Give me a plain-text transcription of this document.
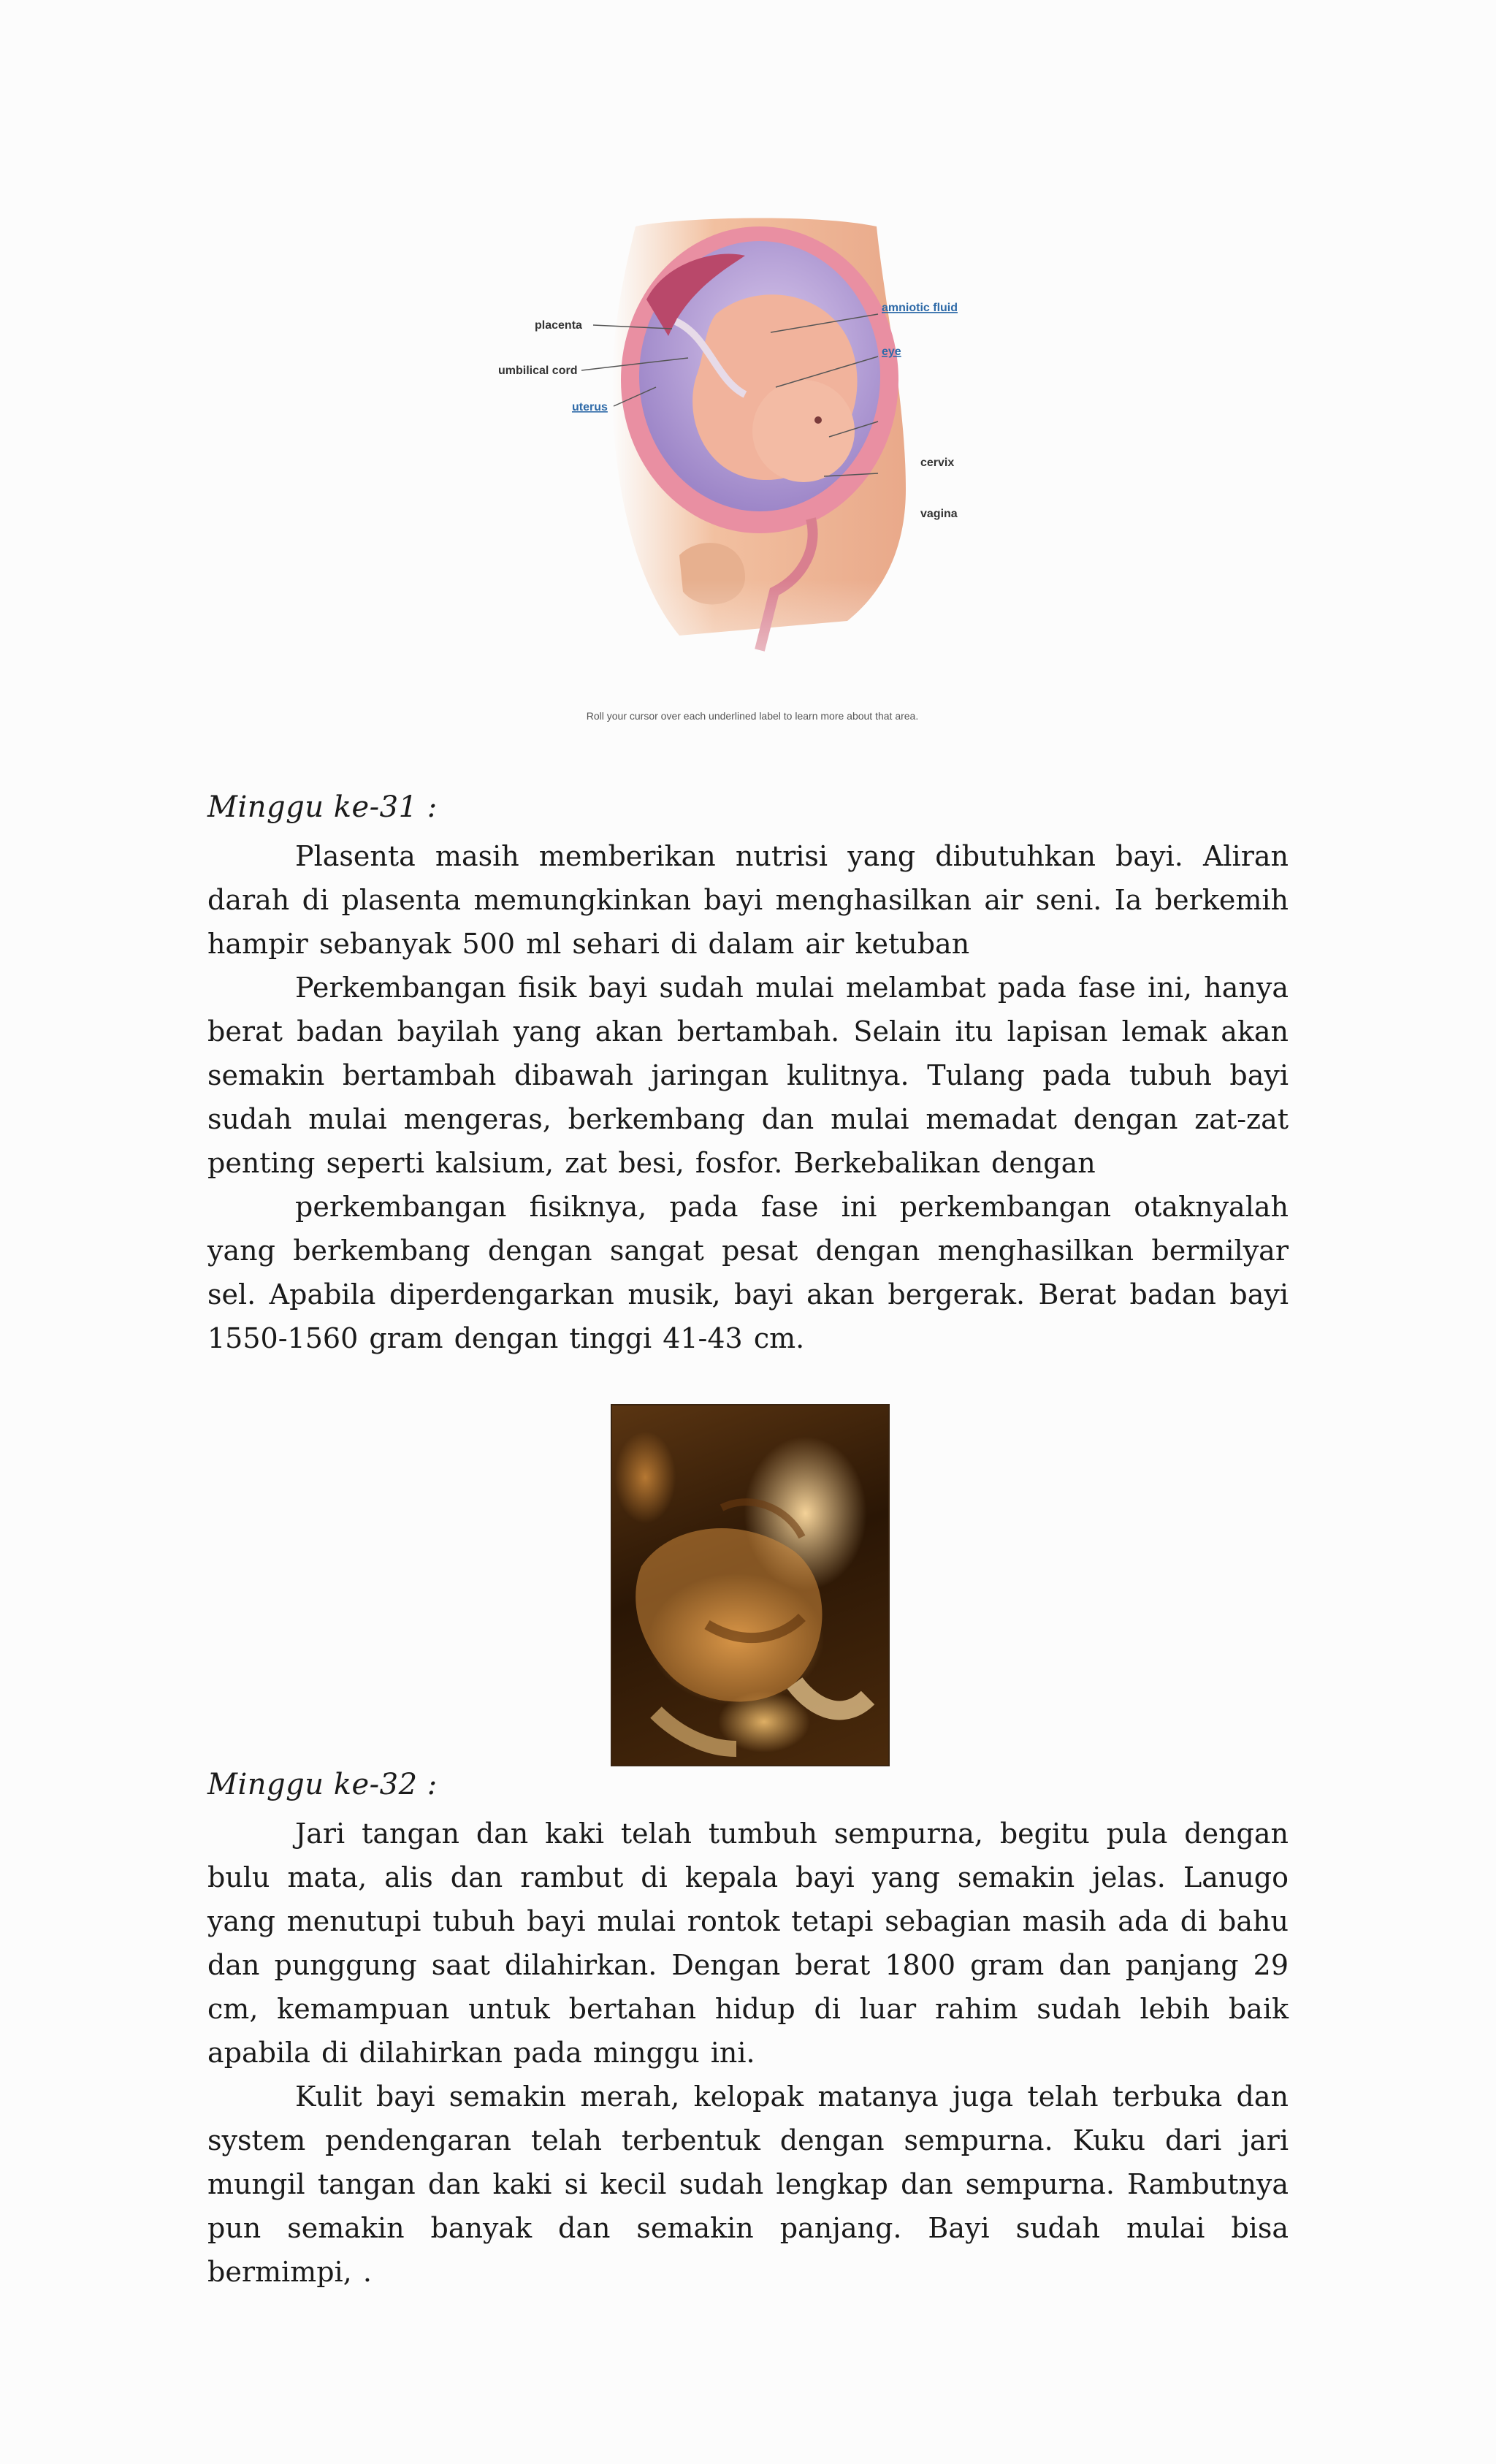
placenta
umbilical cord
uterus
amniotic fluid
eye
cervix
vagina
Roll your cursor over each underlined label to learn more about that area.
Minggu ke-31 :

Plasenta masih memberikan nutrisi yang dibutuhkan bayi. Aliran darah di plasenta memungkinkan bayi menghasilkan air seni. Ia berkemih hampir sebanyak 500 ml sehari di dalam air ketuban

Perkembangan fisik bayi sudah mulai melambat pada fase ini, hanya berat badan bayilah yang akan bertambah. Selain itu lapisan lemak akan semakin bertambah dibawah jaringan kulitnya. Tulang pada tubuh bayi sudah mulai mengeras, berkembang dan mulai memadat dengan zat-zat penting seperti kalsium, zat besi, fosfor. Berkebalikan dengan

perkembangan fisiknya, pada fase ini perkembangan otaknyalah yang berkembang dengan sangat pesat dengan menghasilkan bermilyar sel. Apabila diperdengarkan musik, bayi akan bergerak. Berat badan bayi 1550-1560 gram dengan tinggi 41-43 cm.

Minggu ke-32 :

Jari tangan dan kaki telah tumbuh sempurna, begitu pula dengan bulu mata, alis dan rambut di kepala bayi yang semakin jelas. Lanugo yang menutupi tubuh bayi mulai rontok tetapi sebagian masih ada di bahu dan punggung saat dilahirkan. Dengan berat 1800 gram dan panjang 29 cm, kemampuan untuk bertahan hidup di luar rahim sudah lebih baik apabila di dilahirkan pada minggu ini.

Kulit bayi semakin merah, kelopak matanya juga telah terbuka dan system pendengaran telah terbentuk dengan sempurna. Kuku dari jari mungil tangan dan kaki si kecil sudah lengkap dan sempurna. Rambutnya pun semakin banyak dan semakin panjang. Bayi sudah mulai bisa bermimpi, .
